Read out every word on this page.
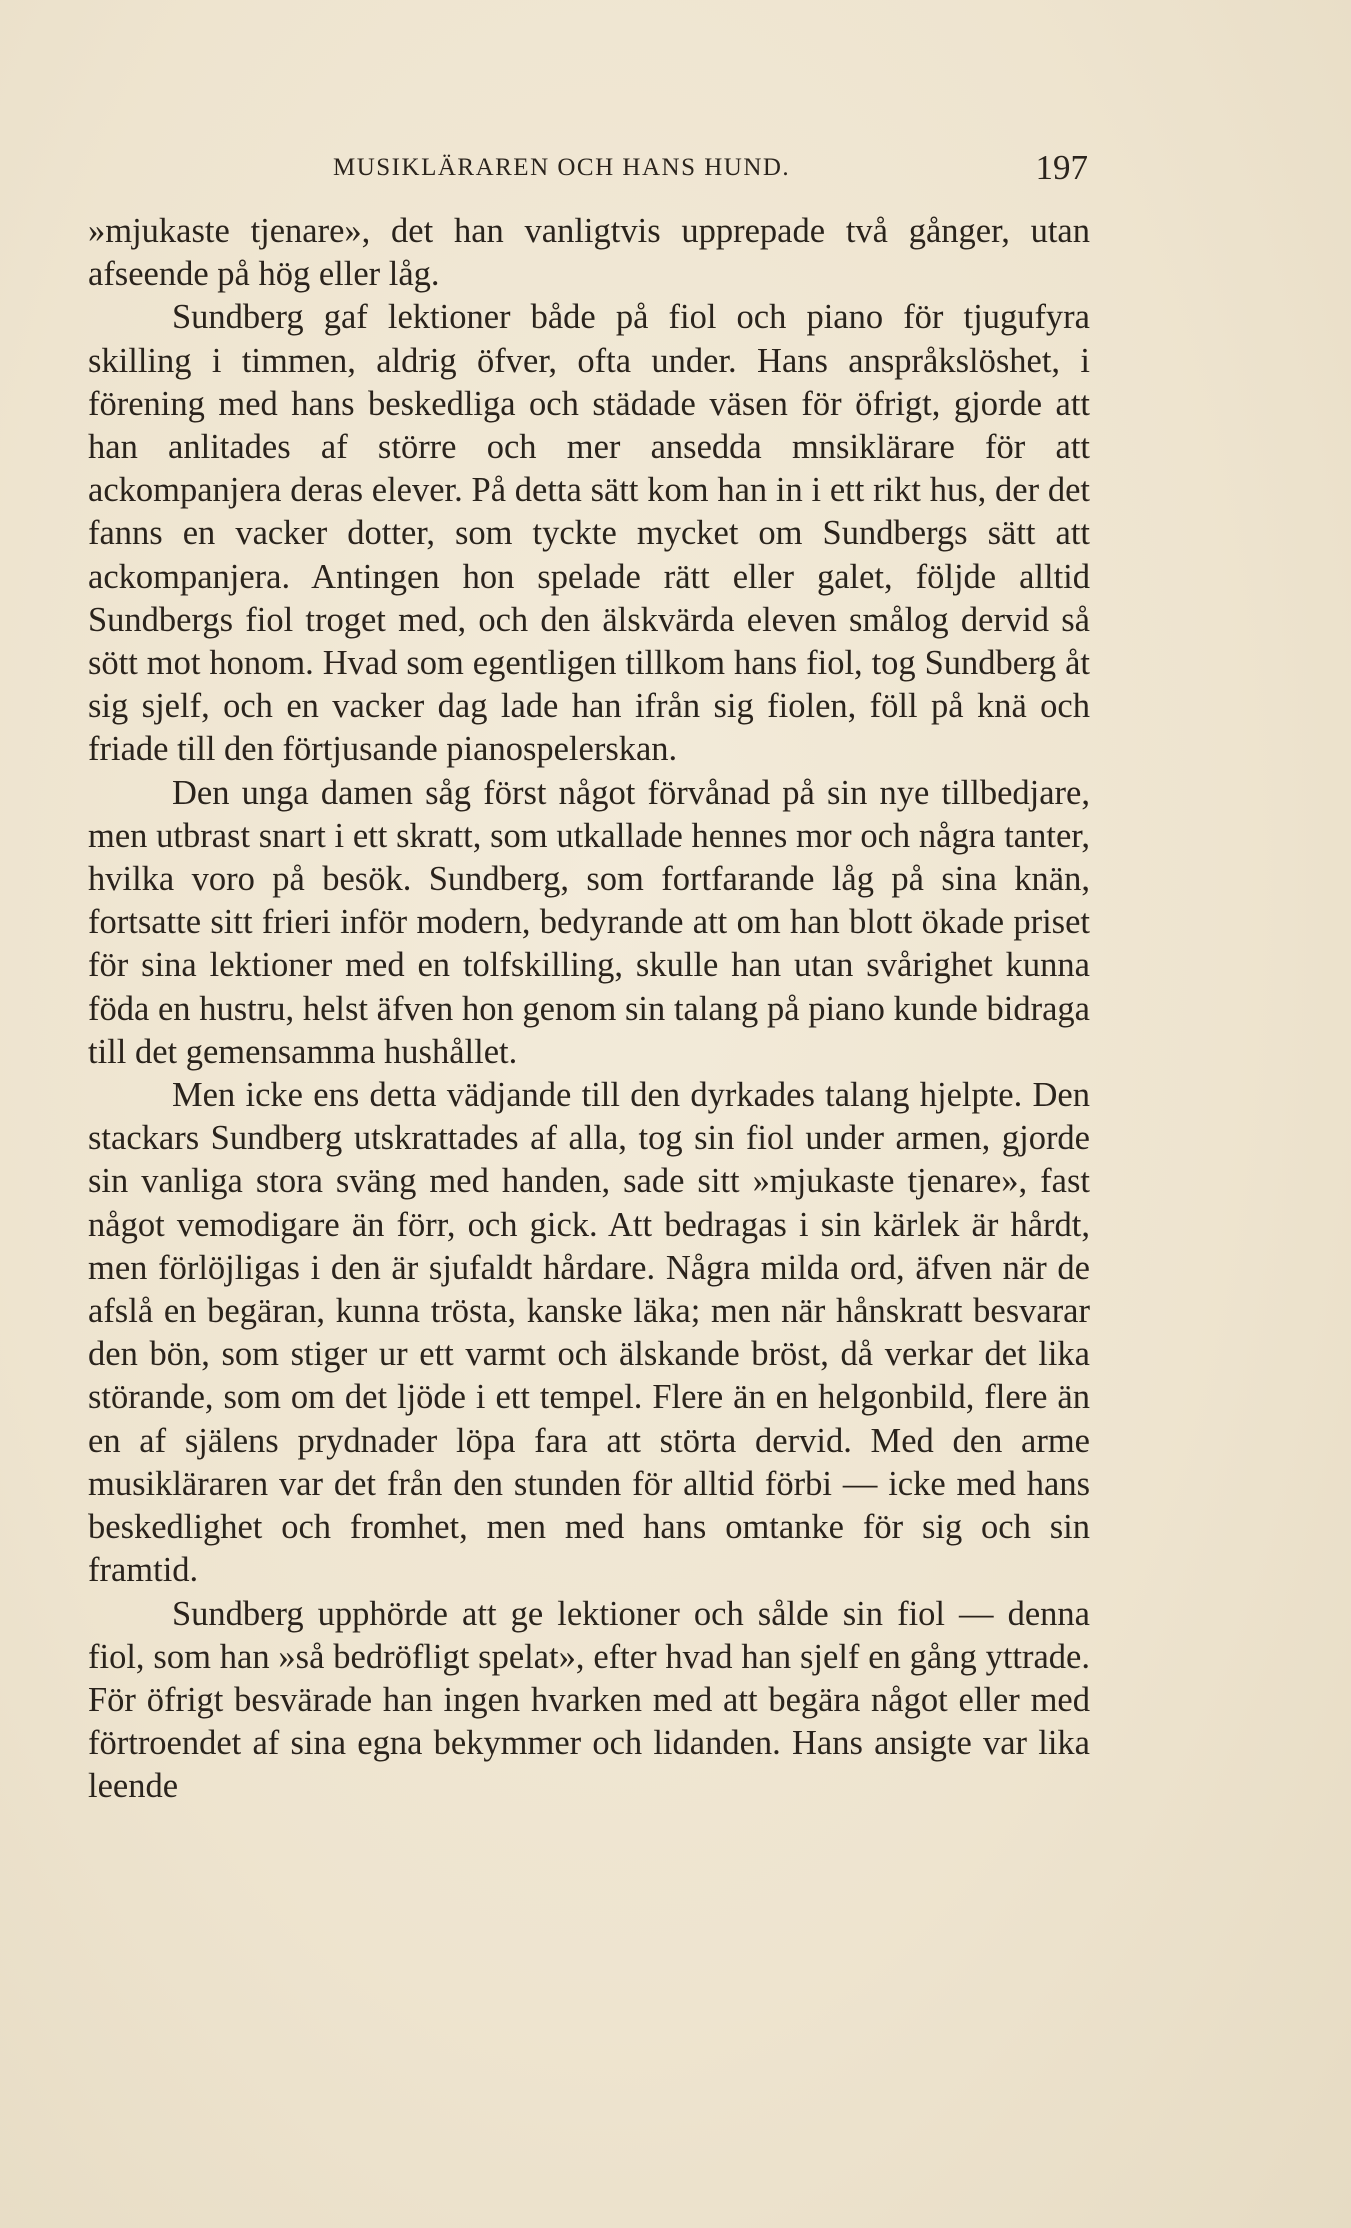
MUSIKLÄRAREN OCH HANS HUND.	197

»mjukaste tjenare», det han vanligtvis upprepade två gånger, utan afseende på hög eller låg.

Sundberg gaf lektioner både på fiol och piano för tjugufyra skilling i timmen, aldrig öfver, ofta under. Hans anspråkslöshet, i förening med hans beskedliga och städade väsen för öfrigt, gjorde att han anlitades af större och mer ansedda mnsiklärare för att ackompanjera deras elever. På detta sätt kom han in i ett rikt hus, der det fanns en vacker dotter, som tyckte mycket om Sundbergs sätt att ackompanjera. Antingen hon spelade rätt eller galet, följde alltid Sundbergs fiol troget med, och den älskvärda eleven smålog dervid så sött mot honom. Hvad som egentligen tillkom hans fiol, tog Sundberg åt sig sjelf, och en vacker dag lade han ifrån sig fiolen, föll på knä och friade till den förtjusande pianospelerskan.

Den unga damen såg först något förvånad på sin nye tillbedjare, men utbrast snart i ett skratt, som utkallade hennes mor och några tanter, hvilka voro på besök. Sundberg, som fortfarande låg på sina knän, fortsatte sitt frieri inför modern, bedyrande att om han blott ökade priset för sina lektioner med en tolfskilling, skulle han utan svårighet kunna föda en hustru, helst äfven hon genom sin talang på piano kunde bidraga till det gemensamma hushållet.

Men icke ens detta vädjande till den dyrkades talang hjelpte. Den stackars Sundberg utskrattades af alla, tog sin fiol under armen, gjorde sin vanliga stora sväng med handen, sade sitt »mjukaste tjenare», fast något vemodigare än förr, och gick. Att bedragas i sin kärlek är hårdt, men förlöjligas i den är sjufaldt hårdare. Några milda ord, äfven när de afslå en begäran, kunna trösta, kanske läka; men när hånskratt besvarar den bön, som stiger ur ett varmt och älskande bröst, då verkar det lika störande, som om det ljöde i ett tempel. Flere än en helgonbild, flere än en af själens prydnader löpa fara att störta dervid. Med den arme musikläraren var det från den stunden för alltid förbi — icke med hans beskedlighet och fromhet, men med hans omtanke för sig och sin framtid.

Sundberg upphörde att ge lektioner och sålde sin fiol — denna fiol, som han »så bedröfligt spelat», efter hvad han sjelf en gång yttrade. För öfrigt besvärade han ingen hvarken med att begära något eller med förtroendet af sina egna bekymmer och lidanden. Hans ansigte var lika leende
